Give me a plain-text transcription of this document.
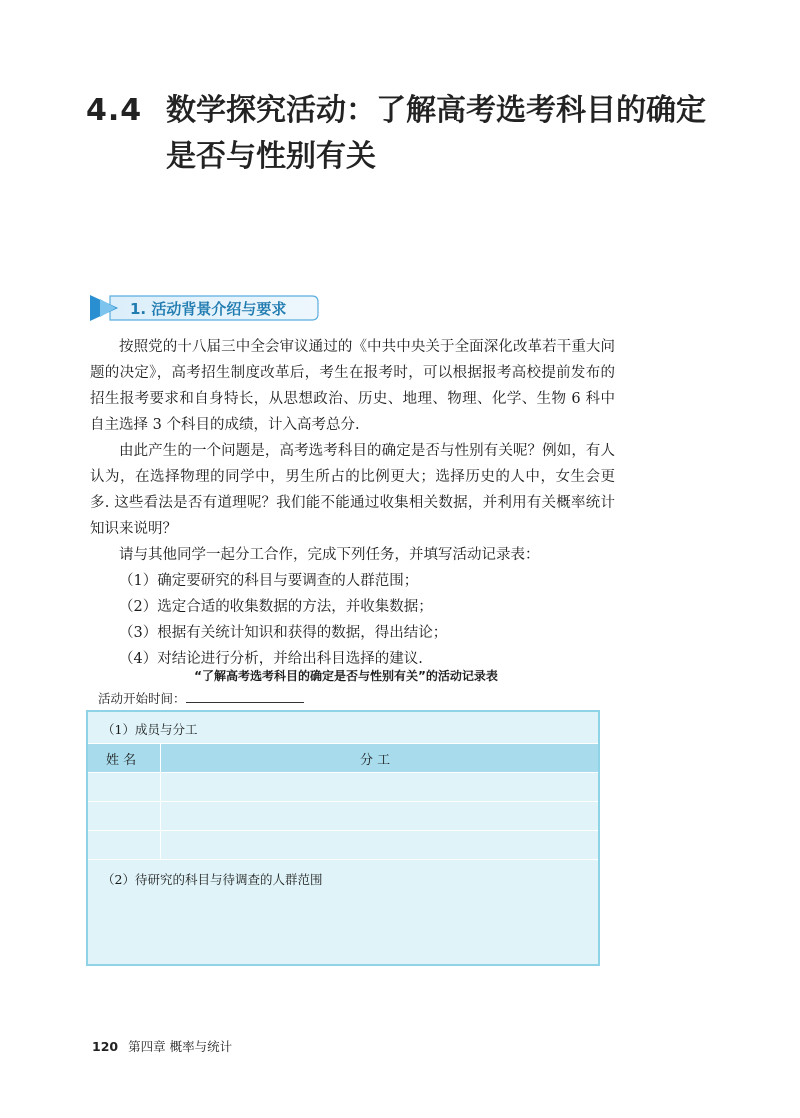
4.4 数学探究活动：了解高考选考科目的确定
是否与性别有关
1. 活动背景介绍与要求

按照党的十八届三中全会审议通过的《中共中央关于全面深化改革若干重大问题的决定》，高考招生制度改革后，考生在报考时，可以根据报考高校提前发布的招生报考要求和自身特长，从思想政治、历史、地理、物理、化学、生物 6 科中自主选择 3 个科目的成绩，计入高考总分.

由此产生的一个问题是，高考选考科目的确定是否与性别有关呢？例如，有人认为，在选择物理的同学中，男生所占的比例更大；选择历史的人中，女生会更多. 这些看法是否有道理呢？我们能不能通过收集相关数据，并利用有关概率统计知识来说明？

请与其他同学一起分工合作，完成下列任务，并填写活动记录表：

（1）确定要研究的科目与要调查的人群范围；
（2）选定合适的收集数据的方法，并收集数据；
（3）根据有关统计知识和获得的数据，得出结论；
（4）对结论进行分析，并给出科目选择的建议.
“了解高考选考科目的确定是否与性别有关”的活动记录表
活动开始时间：
（1）成员与分工
姓 名	分 工
（2）待研究的科目与待调查的人群范围
120 第四章 概率与统计
